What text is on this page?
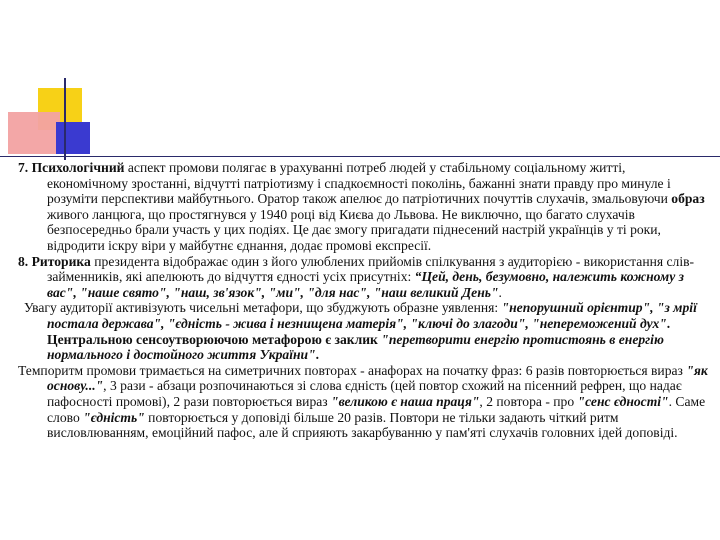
7. Психологічний аспект промови полягає в урахуванні потреб людей у стабільному соціальному житті, економічному зростанні, відчутті патріотизму і спадкоємності поколінь, бажанні знати правду про минуле і розуміти перспективи майбутнього. Оратор також апелює до патріотичних почуттів слухачів, змальовуючи образ живого ланцюга, що простягнувся у 1940 році від Києва до Львова. Не виключно, що багато слухачів безпосередньо брали участь у цих подіях. Це дає змогу пригадати піднесений настрій українців у ті роки, відродити іскру віри у майбутнє єднання, додає промові експресії.

8. Риторика президента відображає один з його улюблених прийомів спілкування з аудиторією - використання слів-займенників, які апелюють до відчуття єдності усіх присутніх: “Цей, день, безумовно, належить кожному з вас", "наше свято", "наш, зв'язок", "ми", "для нас", "наш великий День".

Увагу аудиторії активізують чисельні метафори, що збуджують образне уявлення: "непорушний орієнтир", "з мрії постала держава", "єдність - жива і незнищена матерія", "ключі до злагоди", "непереможений дух". Центральною сенсоутворюючою метафорою є заклик "перетворити енергію протистоянь в енергію нормального і достойного життя України".

Темпоритм промови тримається на симетричних повторах - анафорах на початку фраз: 6 разів повторюється вираз "як основу...", 3 рази - абзаци розпочинаються зі слова єдність (цей повтор схожий на пісенний рефрен, що надає пафосності промові), 2 рази повторюється вираз "великою є наша праця", 2 повтора - про "сенс єдності". Саме слово "єдність" повторюється у доповіді більше 20 разів. Повтори не тільки задають чіткий ритм висловлюванням, емоційний пафос, але й сприяють закарбуванню у пам'яті слухачів головних ідей доповіді.
